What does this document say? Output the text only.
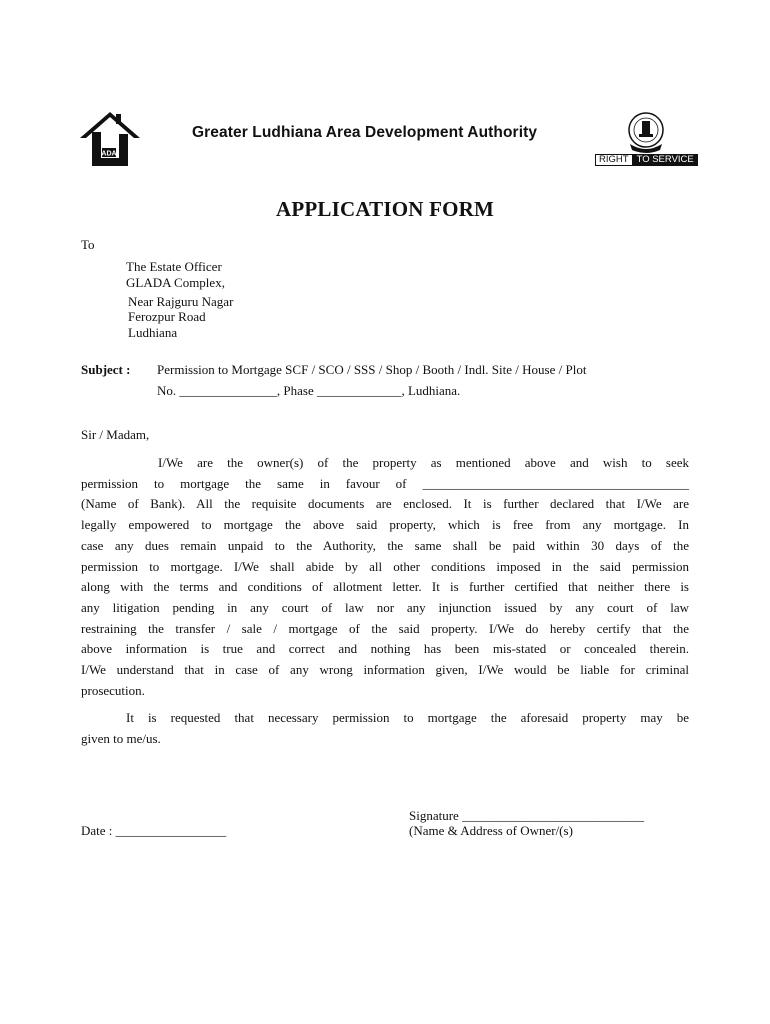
ADA
Greater Ludhiana Area Development Authority
RIGHT TO SERVICE
APPLICATION FORM
To
The Estate Officer
GLADA Complex,
Near Rajguru Nagar
Ferozpur Road
Ludhiana
Subject : Permission to Mortgage SCF / SCO / SSS / Shop / Booth / Indl. Site / House / Plot
No. _______________, Phase _____________, Ludhiana.
Sir / Madam,
I/We are the owner(s) of the property as mentioned above and wish to seek
permission to mortgage the same in favour of _________________________________________
(Name of Bank). All the requisite documents are enclosed. It is further declared that I/We are
legally empowered to mortgage the above said property, which is free from any mortgage. In
case any dues remain unpaid to the Authority, the same shall be paid within 30 days of the
permission to mortgage. I/We shall abide by all other conditions imposed in the said permission
along with the terms and conditions of allotment letter. It is further certified that neither there is
any litigation pending in any court of law nor any injunction issued by any court of law
restraining the transfer / sale / mortgage of the said property. I/We do hereby certify that the
above information is true and correct and nothing has been mis-stated or concealed therein.
I/We understand that in case of any wrong information given, I/We would be liable for criminal
prosecution.
It is requested that necessary permission to mortgage the aforesaid property may be
given to me/us.
Signature ____________________________
(Name & Address of Owner/(s)
Date : _________________
